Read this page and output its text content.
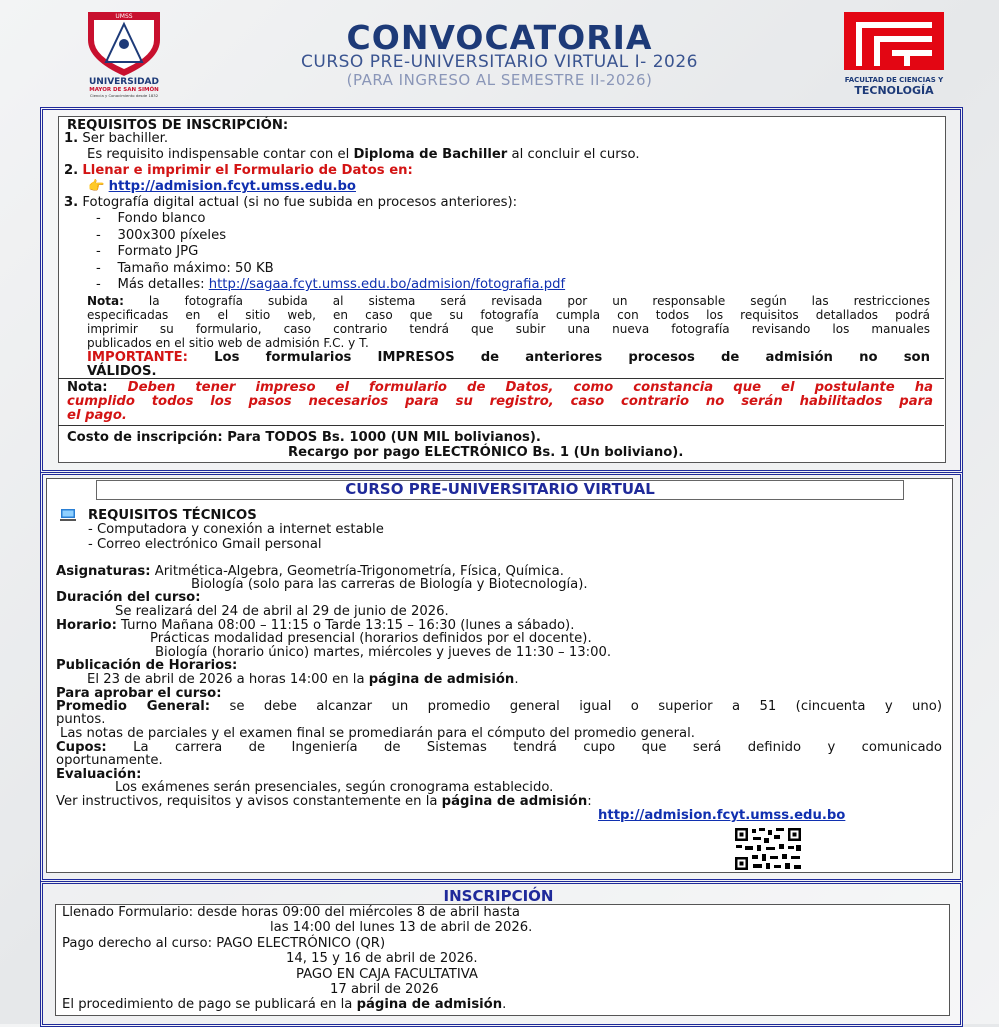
UMSS
UNIVERSIDAD
MAYOR DE SAN SIMÓN
Ciencia y Conocimiento desde 1832
CONVOCATORIA
CURSO PRE-UNIVERSITARIO VIRTUAL I- 2026
(PARA INGRESO AL SEMESTRE II-2026)	FACULTAD DE CIENCIAS Y
TECNOLOGÍA
REQUISITOS DE INSCRIPCIÓN:
1. Ser bachiller.
Es requisito indispensable contar con el Diploma de Bachiller al concluir el curso.
2. Llenar e imprimir el Formulario de Datos en:
👉 http://admision.fcyt.umss.edu.bo
3. Fotografía digital actual (si no fue subida en procesos anteriores):
-    Fondo blanco
-    300x300 píxeles
-    Formato JPG
-    Tamaño máximo: 50 KB
-    Más detalles: http://sagaa.fcyt.umss.edu.bo/admision/fotografia.pdf
Nota: la fotografía subida al sistema será revisada por un responsable según las restricciones
especificadas en el sitio web, en caso que su fotografía cumpla con todos los requisitos detallados podrá
imprimir su formulario, caso contrario tendrá que subir una nueva fotografía revisando los manuales
publicados en el sitio web de admisión F.C. y T.
IMPORTANTE: Los formularios IMPRESOS de anteriores procesos de admisión no son
VÁLIDOS.
Nota: Deben tener impreso el formulario de Datos, como constancia que el postulante ha
cumplido todos los pasos necesarios para su registro, caso contrario no serán habilitados para
el pago.
Costo de inscripción: Para TODOS Bs. 1000 (UN MIL bolivianos).
Recargo por pago ELECTRÓNICO Bs. 1 (Un boliviano).
CURSO PRE-UNIVERSITARIO VIRTUAL
REQUISITOS TÉCNICOS
- Computadora y conexión a internet estable
- Correo electrónico Gmail personal
Asignaturas: Aritmética-Algebra, Geometría-Trigonometría, Física, Química.
Biología (solo para las carreras de Biología y Biotecnología).
Duración del curso:
Se realizará del 24 de abril al 29 de junio de 2026.
Horario: Turno Mañana 08:00 – 11:15 o Tarde 13:15 – 16:30 (lunes a sábado).
Prácticas modalidad presencial (horarios definidos por el docente).
Biología (horario único) martes, miércoles y jueves de 11:30 – 13:00.
Publicación de Horarios:
El 23 de abril de 2026 a horas 14:00 en la página de admisión.
Para aprobar el curso:
Promedio General: se debe alcanzar un promedio general igual o superior a 51 (cincuenta y uno)
puntos.
Las notas de parciales y el examen final se promediarán para el cómputo del promedio general.
Cupos: La carrera de Ingeniería de Sistemas tendrá cupo que será definido y comunicado
oportunamente.
Evaluación:
Los exámenes serán presenciales, según cronograma establecido.
Ver instructivos, requisitos y avisos constantemente en la página de admisión:
http://admision.fcyt.umss.edu.bo
INSCRIPCIÓN
Llenado Formulario: desde horas 09:00 del miércoles 8 de abril hasta
las 14:00 del lunes 13 de abril de 2026.
Pago derecho al curso: PAGO ELECTRÓNICO (QR)
14, 15 y 16 de abril de 2026.
PAGO EN CAJA FACULTATIVA
17 abril de 2026
El procedimiento de pago se publicará en la página de admisión.
